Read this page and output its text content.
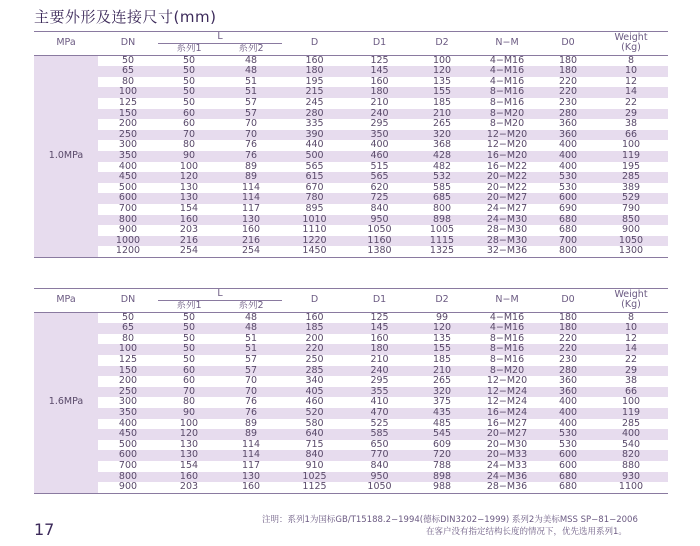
主要外形及连接尺寸(mm)
MPa	DN	L		D	D1	D2	N−M	D0	Weight
(Kg)
		系列1	系列2						
1.0MPa	50	50	48	160	125	100	4−M16	180	8
	65	50	48	180	145	120	4−M16	180	10
	80	50	51	195	160	135	4−M16	220	12
	100	50	51	215	180	155	8−M16	220	14
	125	50	57	245	210	185	8−M16	230	22
	150	60	57	280	240	210	8−M20	280	29
	200	60	70	335	295	265	8−M20	360	38
	250	70	70	390	350	320	12−M20	360	66
	300	80	76	440	400	368	12−M20	400	100
	350	90	76	500	460	428	16−M20	400	119
	400	100	89	565	515	482	16−M22	400	195
	450	120	89	615	565	532	20−M22	530	285
	500	130	114	670	620	585	20−M22	530	389
	600	130	114	780	725	685	20−M27	600	529
	700	154	117	895	840	800	24−M27	690	790
	800	160	130	1010	950	898	24−M30	680	850
	900	203	160	1110	1050	1005	28−M30	680	900
	1000	216	216	1220	1160	1115	28−M30	700	1050
	1200	254	254	1450	1380	1325	32−M36	800	1300
MPa	DN	L		D	D1	D2	N−M	D0	Weight
(Kg)
		系列1	系列2						
1.6MPa	50	50	48	160	125	99	4−M16	180	8
	65	50	48	185	145	120	4−M16	180	10
	80	50	51	200	160	135	8−M16	220	12
	100	50	51	220	180	155	8−M16	220	14
	125	50	57	250	210	185	8−M16	230	22
	150	60	57	285	240	210	8−M20	280	29
	200	60	70	340	295	265	12−M20	360	38
	250	70	70	405	355	320	12−M24	360	66
	300	80	76	460	410	375	12−M24	400	100
	350	90	76	520	470	435	16−M24	400	119
	400	100	89	580	525	485	16−M27	400	285
	450	120	89	640	585	545	20−M27	530	400
	500	130	114	715	650	609	20−M30	530	540
	600	130	114	840	770	720	20−M33	600	820
	700	154	117	910	840	788	24−M33	600	880
	800	160	130	1025	950	898	24−M36	680	930
	900	203	160	1125	1050	988	28−M36	680	1100
注明：系列1为国标GB/T15188.2−1994(德标DIN3202−1999) 系列2为美标MSS SP−81−2006
在客户没有指定结构长度的情况下，优先选用系列1。
17
